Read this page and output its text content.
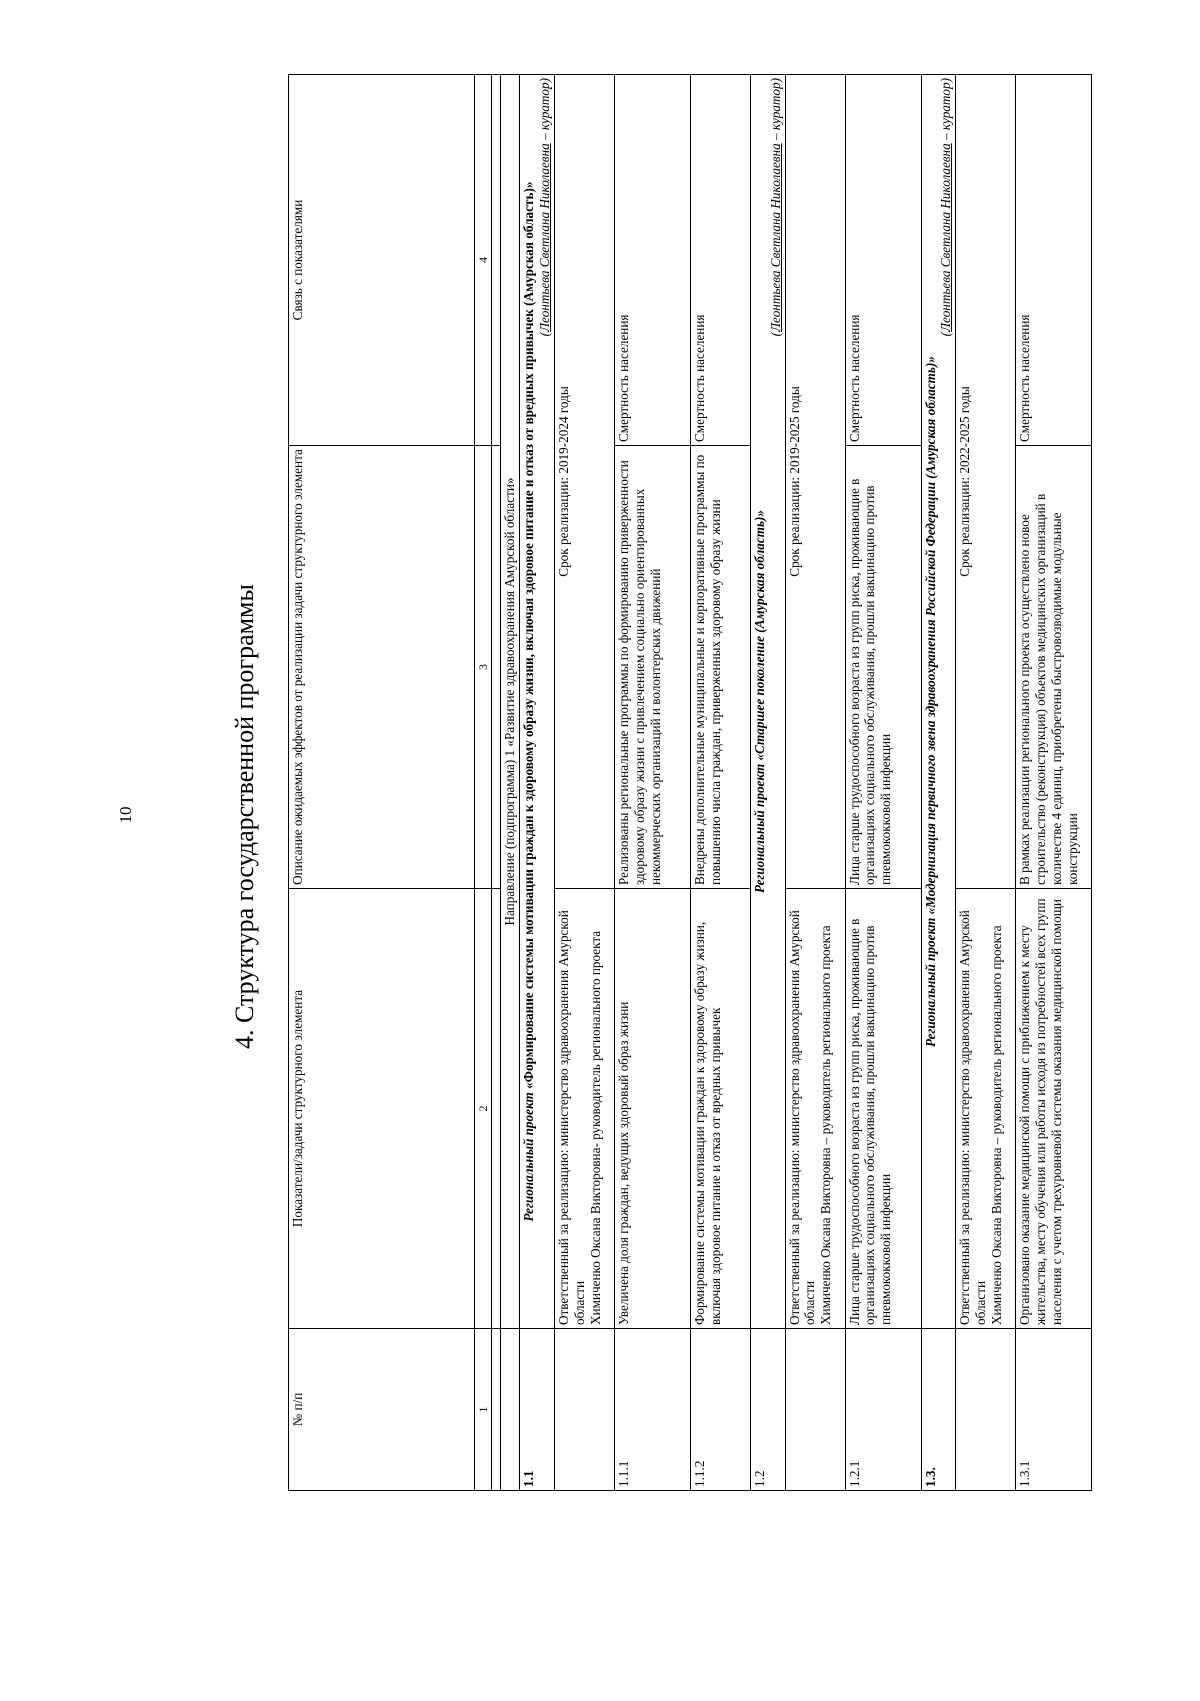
10	4. Структура государственной программы
№ п/п	Показатели/задачи структурного элемента	Описание ожидаемых эффектов от реализации задачи структурного элемента	Связь с показателями
1	2	3	4

	Направление (подпрограмма) 1 «Развитие здравоохранения Амурской области»		
1.1	Региональный проект «Формирование системы мотивации граждан к здоровому образу жизни, включая здоровое питание и отказ от вредных привычек (Амурская область)» (Леонтьева Светлана Николаевна – куратор)		

	Ответственный за реализацию: министерство здравоохранения Амурской области Химиченко Оксана Викторовна- руководитель регионального проекта	Срок реализации: 2019-2024 годы	
1.1.1	Увеличена доля граждан, ведущих здоровый образ жизни	Реализованы региональные программы по формированию приверженности здоровому образу жизни с привлечением социально ориентированных некоммерческих организаций и волонтерских движений	Смертность населения
1.1.2	Формирование системы мотивации граждан к здоровому образу жизни, включая здоровое питание и отказ от вредных привычек	Внедрены дополнительные муниципальные и корпоративные программы по повышению числа граждан, приверженных здоровому образу жизни	Смертность населения
1.2	Региональный проект «Старшее поколение (Амурская область)»
(Леонтьева Светлана Николаевна – куратор)		

	Ответственный за реализацию: министерство здравоохранения Амурской области Химиченко Оксана Викторовна – руководитель регионального проекта	Срок реализации: 2019-2025 годы	
1.2.1	Лица старше трудоспособного возраста из групп риска, проживающие в организациях социального обслуживания, прошли вакцинацию против пневмококковой инфекции	Лица старше трудоспособного возраста из групп риска, проживающие в организациях социального обслуживания, прошли вакцинацию против пневмококковой инфекции	Смертность населения
1.3.	Региональный проект «Модернизация первичного звена здравоохранения Российской Федерации (Амурская область)»
(Леонтьева Светлана Николаевна – куратор)		

	Ответственный за реализацию: министерство здравоохранения Амурской области Химиченко Оксана Викторовна – руководитель регионального проекта	Срок реализации: 2022-2025 годы	
1.3.1	Организовано оказание медицинской помощи с приближением к месту жительства, месту обучения или работы исходя из потребностей всех групп населения с учетом трехуровневой системы оказания медицинской помощи	В рамках реализации регионального проекта осуществлено новое строительство (реконструкция) объектов медицинских организаций в количестве 4 единиц, приобретены быстровозводимые модульные конструкции	Смертность населения
